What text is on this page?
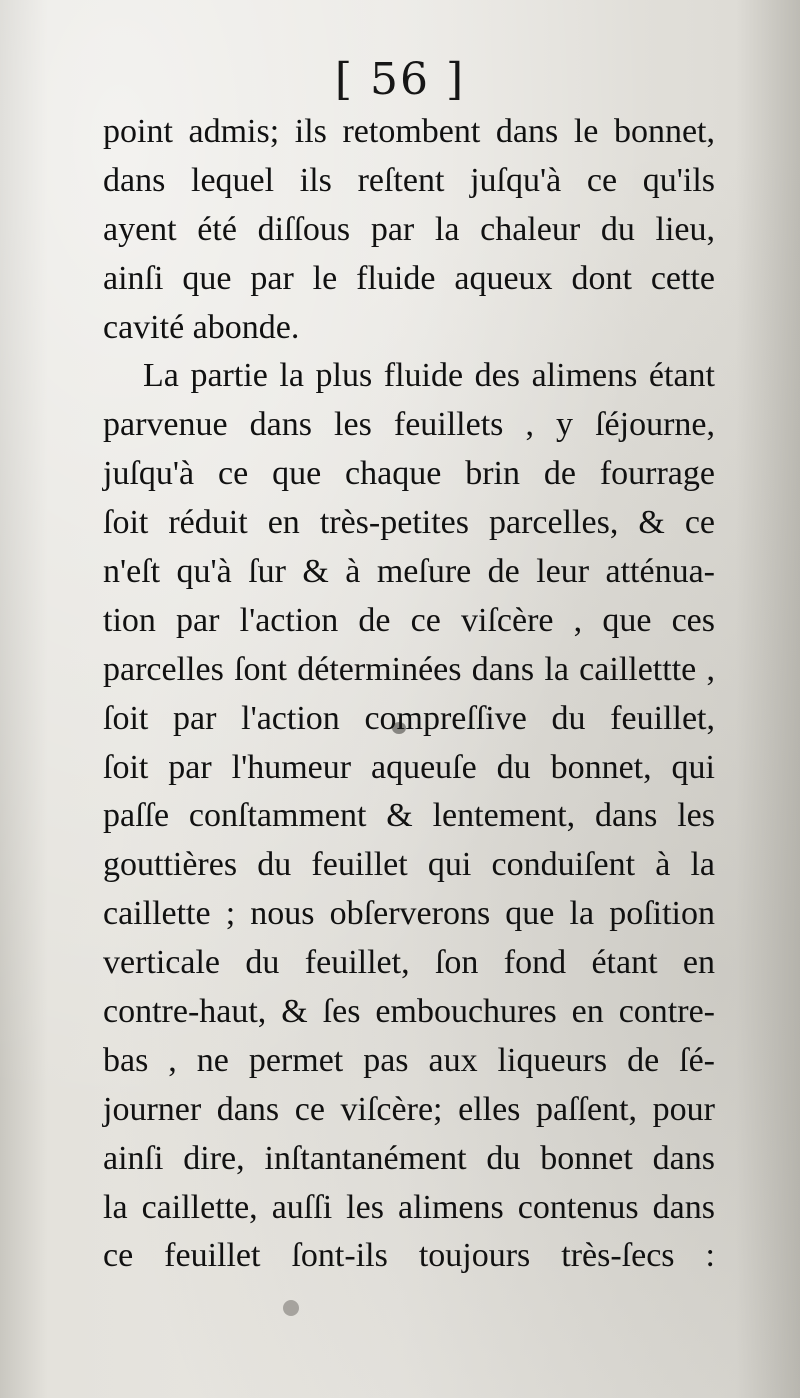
[ 56 ]
point admis; ils retombent dans le bonnet,
dans lequel ils reſtent juſqu'à ce qu'ils
ayent été diſſous par la chaleur du lieu,
ainſi que par le fluide aqueux dont cette
cavité abonde.
La partie la plus fluide des alimens étant
parvenue dans les feuillets , y ſéjourne,
juſqu'à ce que chaque brin de fourrage
ſoit réduit en très-petites parcelles, & ce
n'eſt qu'à ſur & à meſure de leur atténua-
tion par l'action de ce viſcère , que ces
parcelles ſont déterminées dans la caillettte ,
ſoit par l'action compreſſive du feuillet,
ſoit par l'humeur aqueuſe du bonnet, qui
paſſe conſtamment & lentement, dans les
gouttières du feuillet qui conduiſent à la
caillette ; nous obſerverons que la poſition
verticale du feuillet, ſon fond étant en
contre-haut, & ſes embouchures en contre-
bas , ne permet pas aux liqueurs de ſé-
journer dans ce viſcère; elles paſſent, pour
ainſi dire, inſtantanément du bonnet dans
la caillette, auſſi les alimens contenus dans
ce feuillet ſont-ils toujours très-ſecs :
